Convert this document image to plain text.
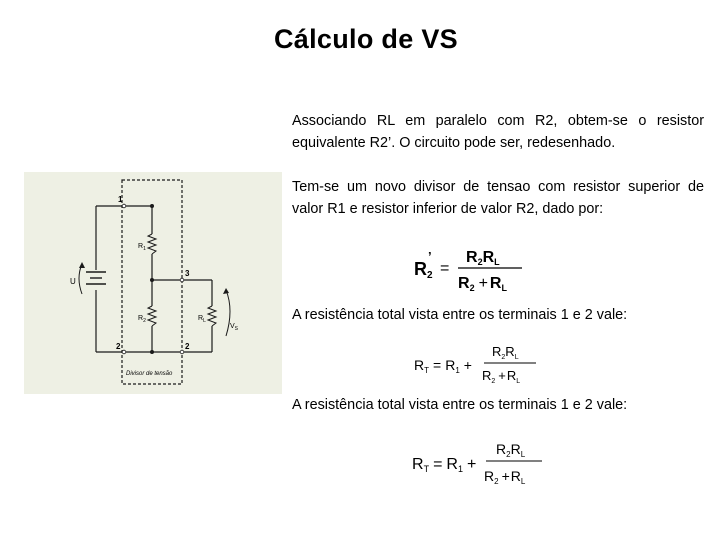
Cálculo de VS
1
2
3
2
U
$R_1$
$R_2$	$R_L$
$V_S$
Divisor de tensão
Associando RL em paralelo com R2, obtem-se o resistor equivalente R2’. O circuito pode ser, redesenhado.
Tem-se um novo divisor de tensao com resistor superior de valor R1 e resistor inferior de valor R2, dado por:
R2
’
=
R2RL
R2 + RL
A resistência total vista entre os terminais 1 e 2 vale:
$R_T = R_1$ +
$R_2R_L$
$R_2 +R_L$
A resistência total vista entre os terminais 1 e 2 vale:
RT = R1 +
$R_2R_L$
$R_2 +R_L$
